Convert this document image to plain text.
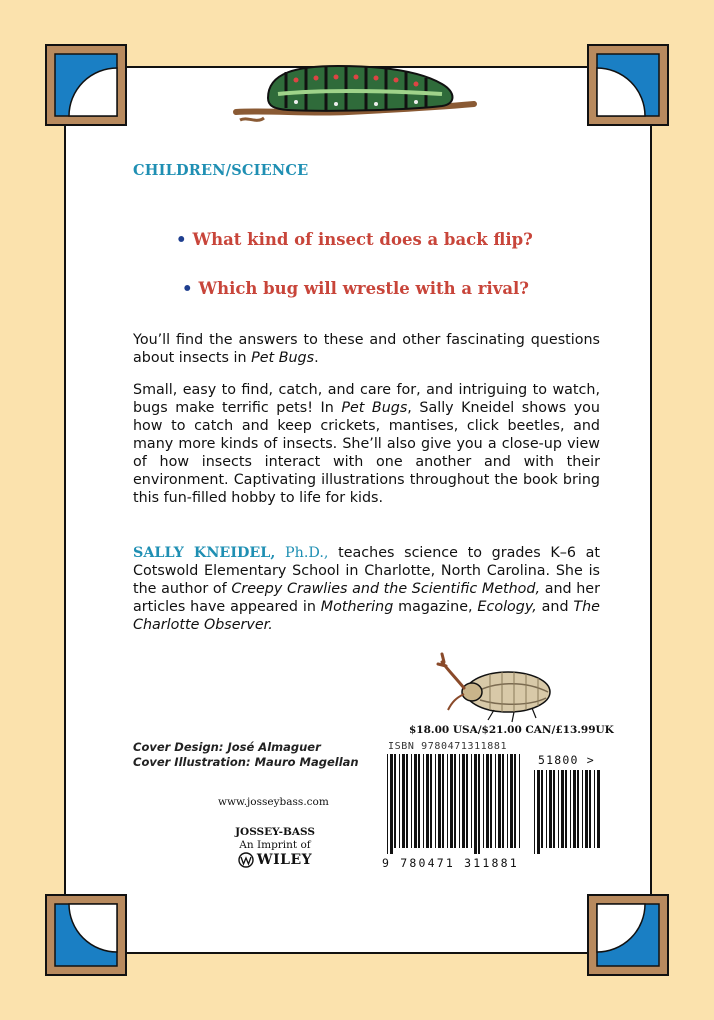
CHILDREN/SCIENCE
• What kind of insect does a back flip?
• Which bug will wrestle with a rival?

You’ll find the answers to these and other fascinating questions about insects in Pet Bugs.

Small, easy to find, catch, and care for, and intriguing to watch, bugs make terrific pets! In Pet Bugs, Sally Kneidel shows you how to catch and keep crickets, mantises, click beetles, and many more kinds of insects. She’ll also give you a close-up view of how insects interact with one another and with their environment. Captivating illustrations throughout the book bring this fun-filled hobby to life for kids.

SALLY KNEIDEL, Ph.D., teaches science to grades K–6 at Cotswold Elementary School in Charlotte, North Carolina. She is the author of Creepy Crawlies and the Scientific Method, and her articles have appeared in Mothering magazine, Ecology, and The Charlotte Observer.

$18.00 USA/$21.00 CAN/£13.99UK
Cover Design: José Almaguer
Cover Illustration: Mauro Magellan
www.josseybass.com
JOSSEY-BASS
An Imprint of
WILEY
ISBN 9780471311881
51800 >
9 780471 311881
